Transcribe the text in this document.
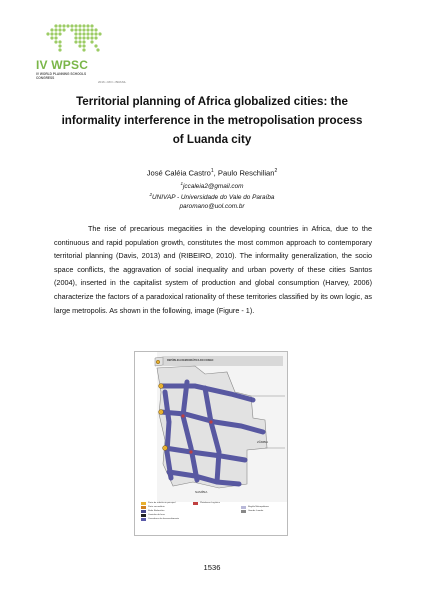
IV WPSC
IV WORLD PLANNING SCHOOLS CONGRESS
2016 • RIO • BRASIL
Territorial planning of Africa globalized cities: the informality interference in the metropolisation process of Luanda city
José Caléia Castro$^1$, Paulo Reschilian$^2$
$^1$jccaleia2@gmail.com
$^2$UNIVAP - Universidade do Vale do Paraíba
paromano@uol.com.br
The rise of precarious megacities in the developing countries in Africa, due to the continuous and rapid population growth, constitutes the most common approach to contemporary territorial planning (Davis, 2013) and (RIBEIRO, 2010). The informality generalization, the socio space conflicts, the aggravation of social inequality and urban poverty of these cities Santos (2004), inserted in the capitalist system of production and global consumption (Harvey, 2006) characterize the factors of a paradoxical rationality of these territories classified by its own logic, as large metropolis. As shown in the following, image (Figure - 1).
REPÚBLICA DEMOCRÁTICA DO CONGO
ZÂMBIA
NAMÍBIA
Porto de referência principal
Porto secundário
Rede Rodoviária
Caminho de ferro
Corredores de desenvolvimento
Plataforma Logística
Região Metropolitana
Grande Luanda
1536
